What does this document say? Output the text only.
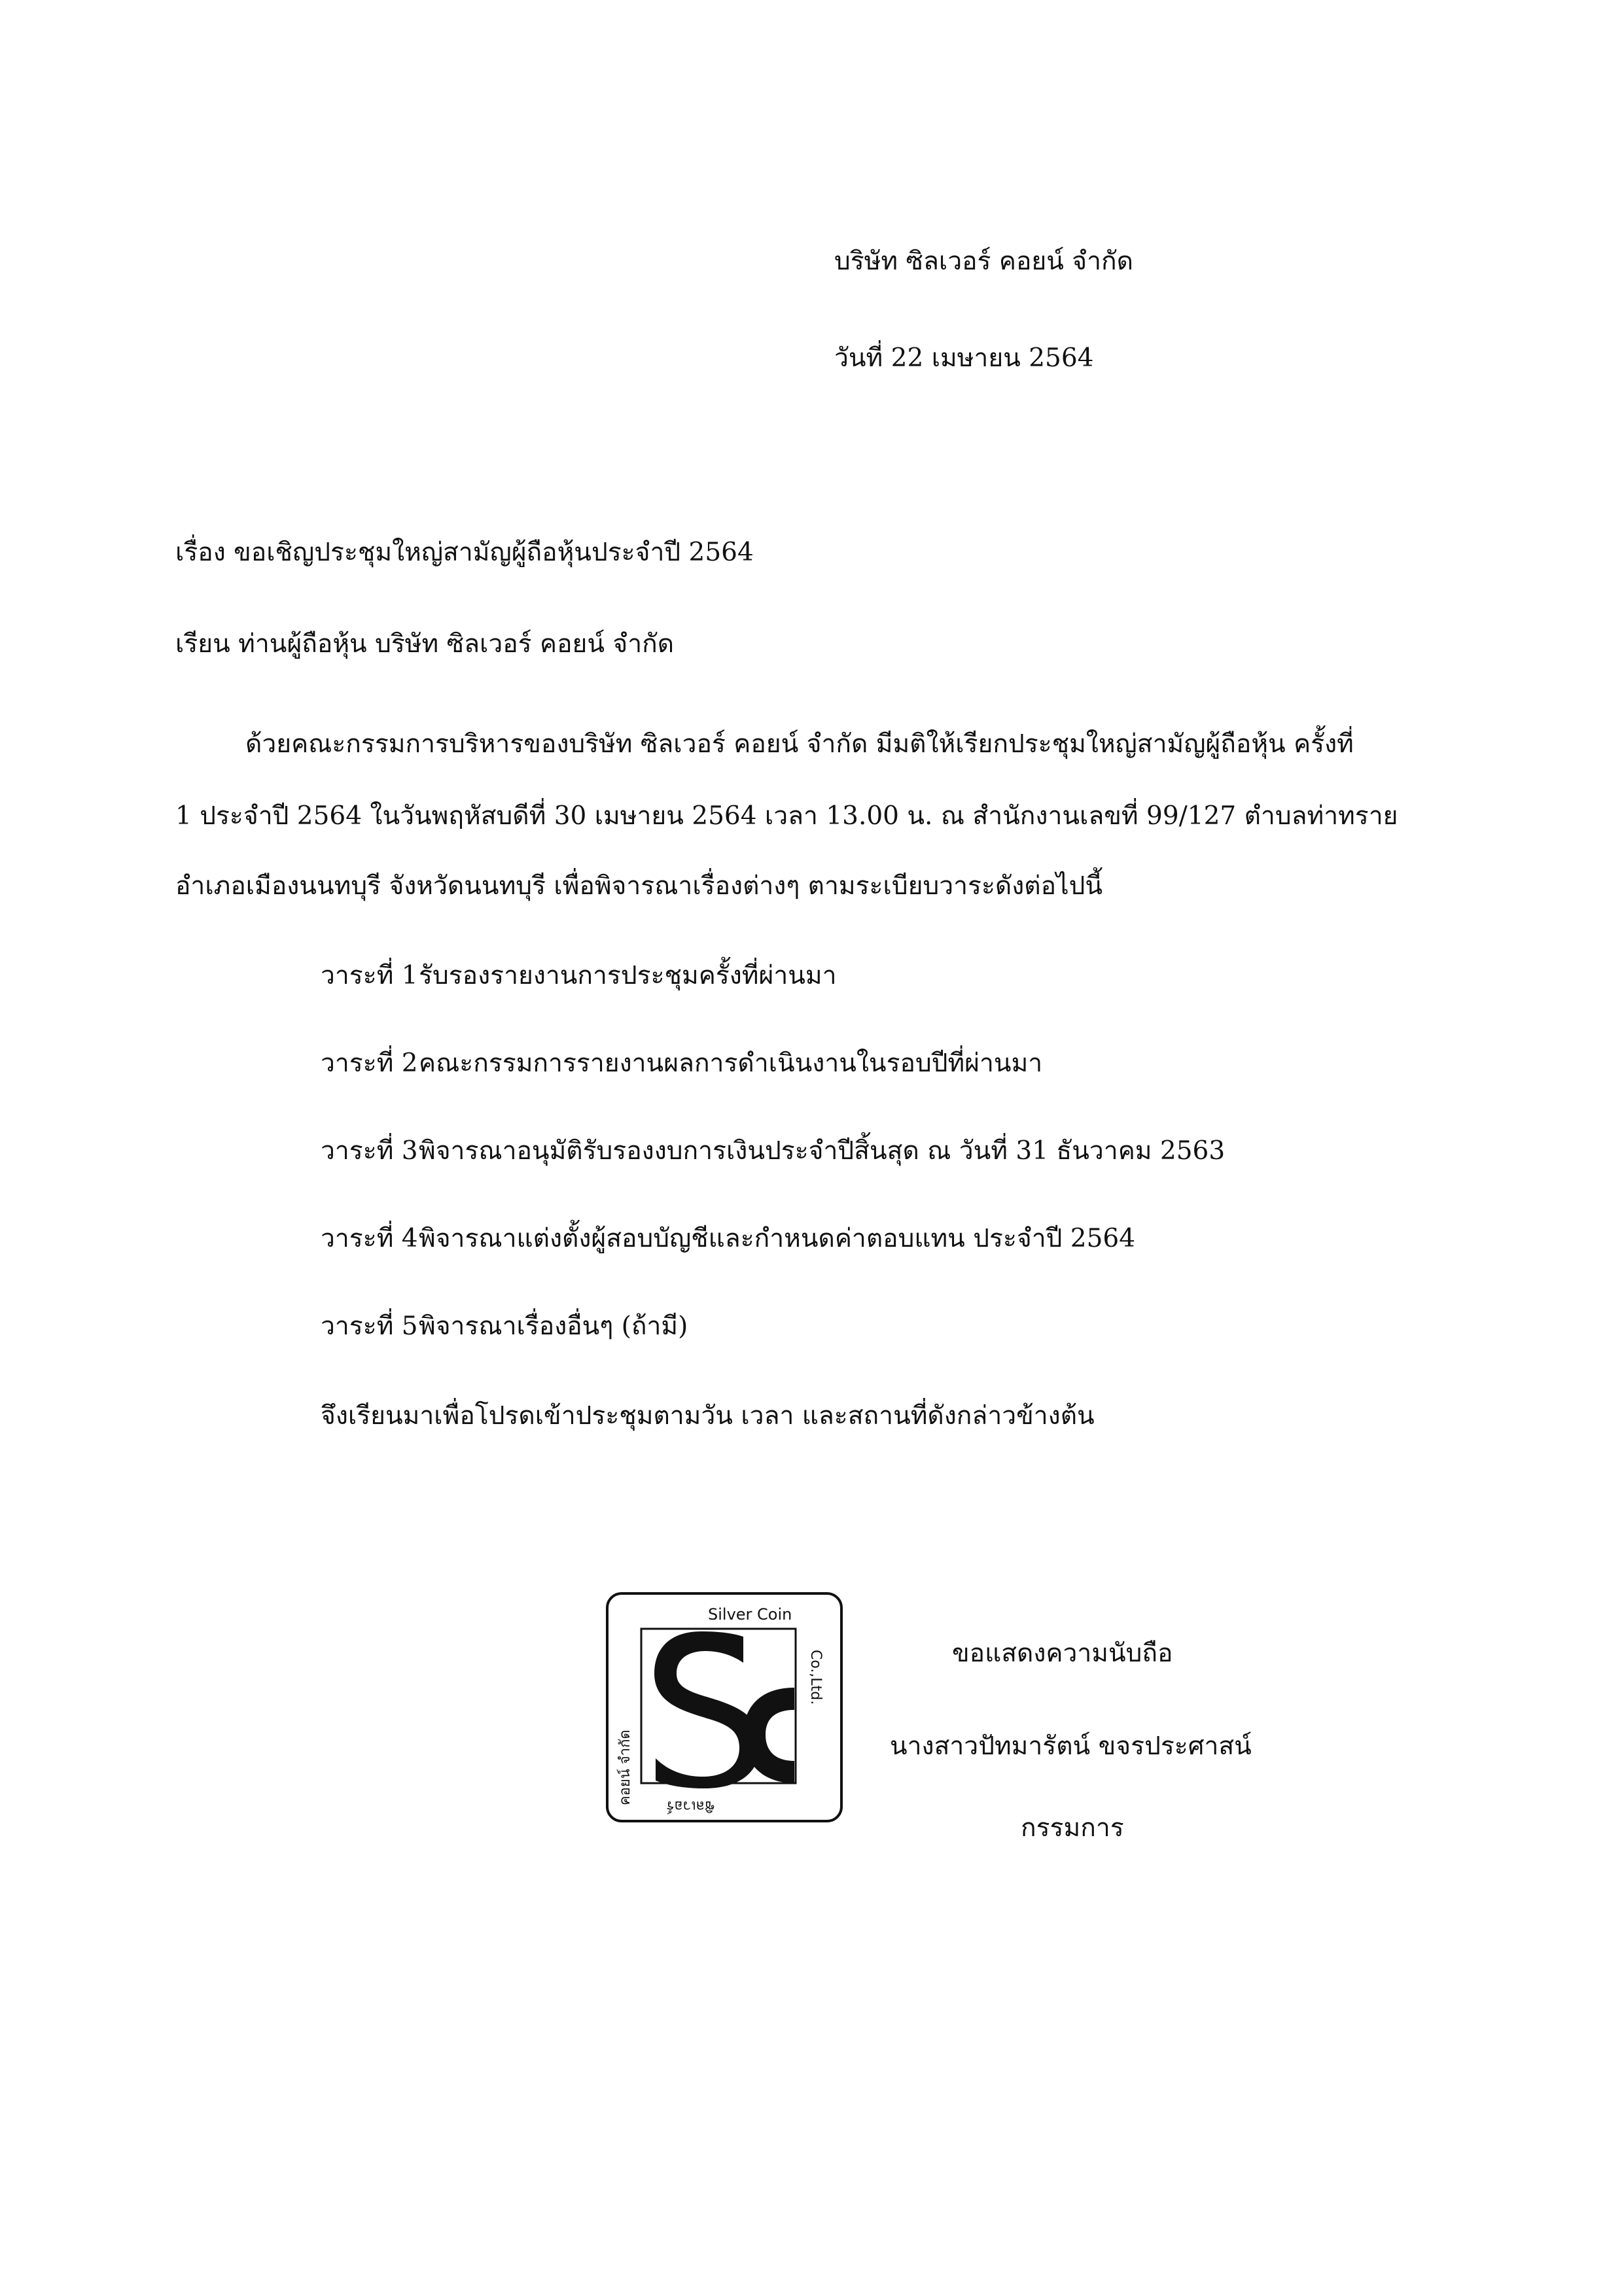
บริษัท ซิลเวอร์ คอยน์ จำกัด
วันที่ 22 เมษายน 2564
เรื่อง ขอเชิญประชุมใหญ่สามัญผู้ถือหุ้นประจำปี 2564
เรียน ท่านผู้ถือหุ้น บริษัท ซิลเวอร์ คอยน์ จำกัด
ด้วยคณะกรรมการบริหารของบริษัท ซิลเวอร์ คอยน์ จำกัด มีมติให้เรียกประชุมใหญ่สามัญผู้ถือหุ้น ครั้งที่
1 ประจำปี 2564 ในวันพฤหัสบดีที่ 30 เมษายน 2564 เวลา 13.00 น. ณ สำนักงานเลขที่ 99/127 ตำบลท่าทราย
อำเภอเมืองนนทบุรี จังหวัดนนทบุรี เพื่อพิจารณาเรื่องต่างๆ ตามระเบียบวาระดังต่อไปนี้
วาระที่ 1รับรองรายงานการประชุมครั้งที่ผ่านมา
วาระที่ 2คณะกรรมการรายงานผลการดำเนินงานในรอบปีที่ผ่านมา
วาระที่ 3พิจารณาอนุมัติรับรองงบการเงินประจำปีสิ้นสุด ณ วันที่ 31 ธันวาคม 2563
วาระที่ 4พิจารณาแต่งตั้งผู้สอบบัญชีและกำหนดค่าตอบแทน ประจำปี 2564
วาระที่ 5พิจารณาเรื่องอื่นๆ (ถ้ามี)
จึงเรียนมาเพื่อโปรดเข้าประชุมตามวัน เวลา และสถานที่ดังกล่าวข้างต้น
Silver Coin
Co.,Ltd.
คอยน์ จำกัด
ซิลเวอร์
ขอแสดงความนับถือ
นางสาวปัทมารัตน์ ขจรประศาสน์
กรรมการ
